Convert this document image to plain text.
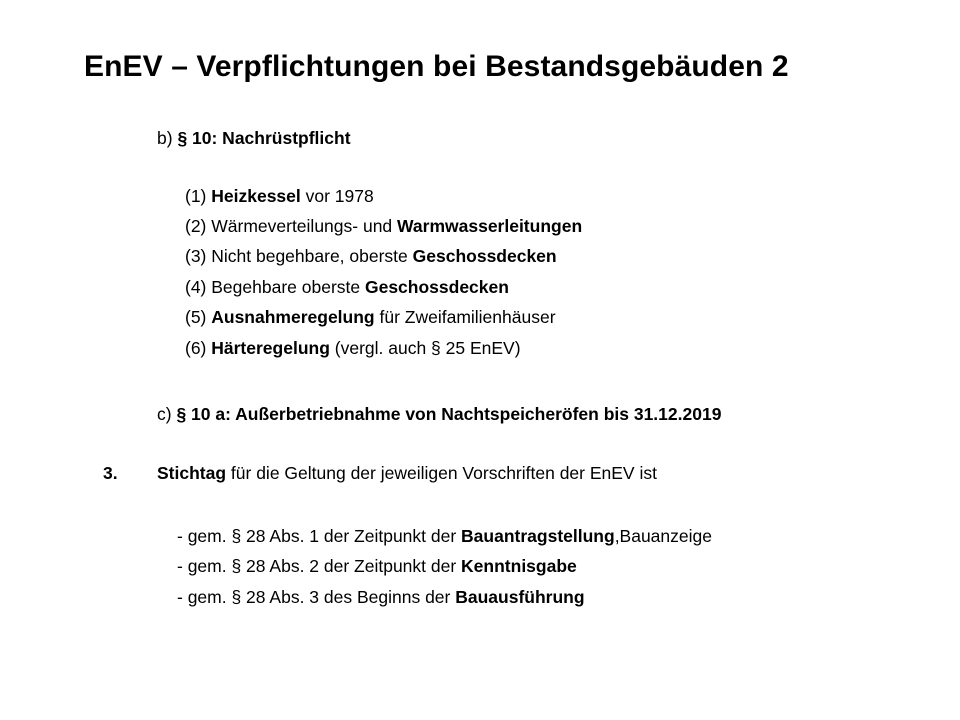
EnEV – Verpflichtungen bei Bestandsgebäuden 2
b) § 10: Nachrüstpflicht
(1) Heizkessel vor 1978
(2) Wärmeverteilungs- und Warmwasserleitungen
(3) Nicht begehbare, oberste Geschossdecken
(4) Begehbare oberste Geschossdecken
(5) Ausnahmeregelung für Zweifamilienhäuser
(6) Härteregelung (vergl. auch § 25 EnEV)
c) § 10 a: Außerbetriebnahme von Nachtspeicheröfen bis 31.12.2019
3. Stichtag für die Geltung der jeweiligen Vorschriften der EnEV ist
- gem. § 28 Abs. 1 der Zeitpunkt der Bauantragstellung,Bauanzeige
- gem. § 28 Abs. 2 der Zeitpunkt der Kenntnisgabe
- gem. § 28 Abs. 3 des Beginns der Bauausführung
